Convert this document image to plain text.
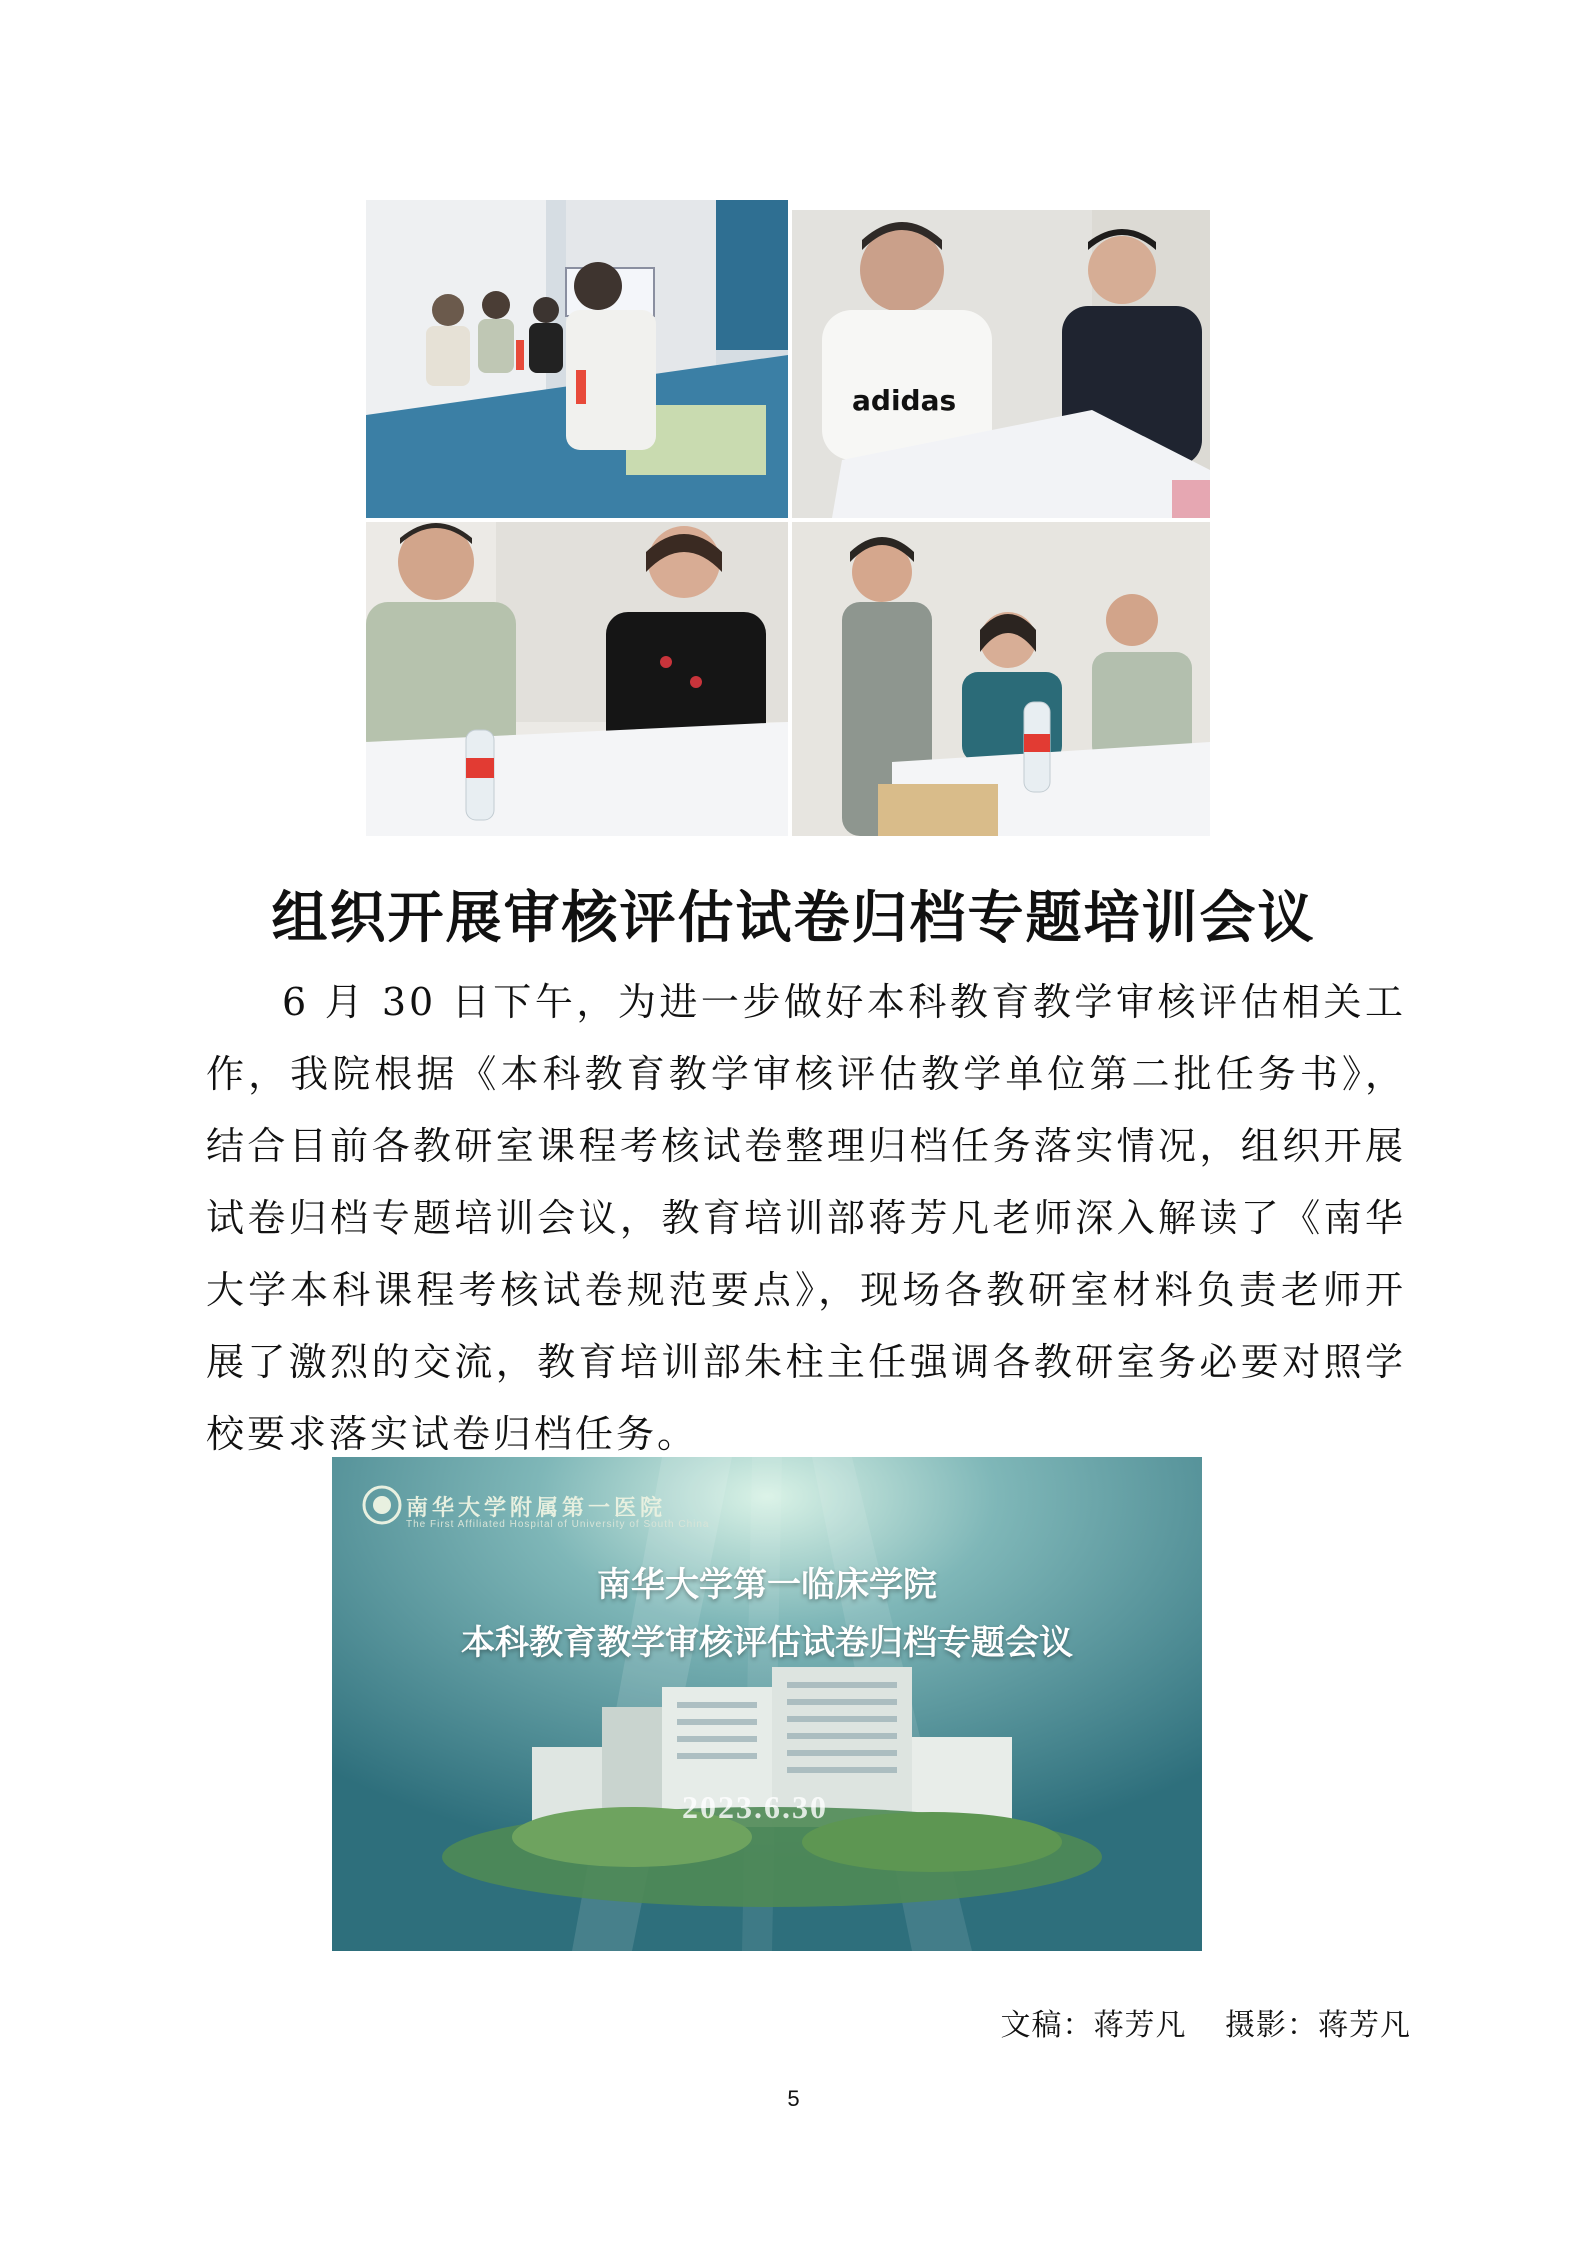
adidas
组织开展审核评估试卷归档专题培训会议

6 月 30 日下午，为进一步做好本科教育教学审核评估相关工作，我院根据《本科教育教学审核评估教学单位第二批任务书》，结合目前各教研室课程考核试卷整理归档任务落实情况，组织开展试卷归档专题培训会议，教育培训部蒋芳凡老师深入解读了《南华大学本科课程考核试卷规范要点》，现场各教研室材料负责老师开展了激烈的交流，教育培训部朱柱主任强调各教研室务必要对照学校要求落实试卷归档任务。

南华大学附属第一医院
The First Affiliated Hospital of University of South China
南华大学第一临床学院
本科教育教学审核评估试卷归档专题会议
2023.6.30
文稿：蒋芳凡 摄影：蒋芳凡
5
